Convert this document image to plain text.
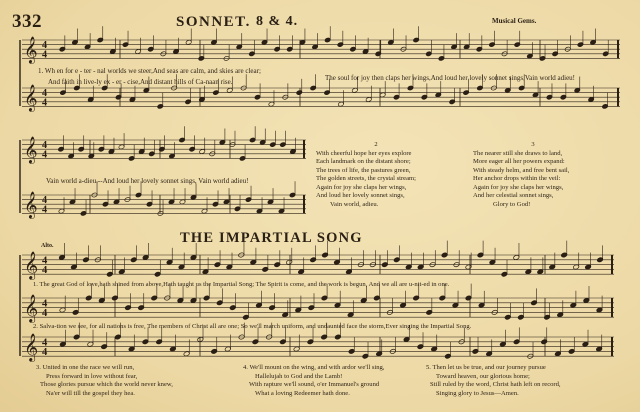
𝄞 4
4
𝄞 4
4
𝄞 4
4
𝄞 4
4
𝄞 4
4
𝄞 4
4
𝄞 4
4
332	SONNET. 8 & 4.	Musical Gems.
1. Wh en for e - ter - nal worlds we steer,And seas are calm, and skies are clear;
The soul for joy then claps her wings,And loud her lovely sonnet sings,Vain world adieu!
And faith in live-ly ex - er - cise,And distant hills of Ca-naan rise.
Vain world a-dieu.--And loud her lovely sonnet sings, Vain world adieu!
2
With cheerful hope her eyes explore
Each landmark on the distant shore;
The trees of life, the pastures green,
The golden streets, the crystal stream;
Again for joy she claps her wings,
And loud her lovely sonnet sings,
Vain world, adieu.
3
The nearer still she draws to land,
More eager all her powers expand:
With steady helm, and free bent sail,
Her anchor drops within the veil:
Again for joy she claps her wings,
And her celestial sonnet sings,
Glory to God!
THE IMPARTIAL SONG
Alto.
1. The great God of love,hath shined from above,Hath taught us the Impartial Song; The Spirit is come, and the work is begun, And we all are u-nit-ed in one.
2. Salva-tion we see, for all nations is free, The members of Christ all are one; So we'll march uniform, and undaunted face the storm,Ever singing the Impartial Song.
3. United in one the race we will run,
Press forward in love without fear,
Those glories pursue which the world never knew,
Na'er will till the gospel they hea.
4. We'll mount on the wing, and with ardor we'll sing,
Hallelujah to God and the Lamb!
With rapture we'll sound, o'er Immanuel's ground
What a loving Redeemer hath done.
5. Then let us be true, and our journey pursue
Toward heaven, our glorious home;
Still ruled by the word, Christ hath left on record,
Singing glory to Jesus—Amen.
